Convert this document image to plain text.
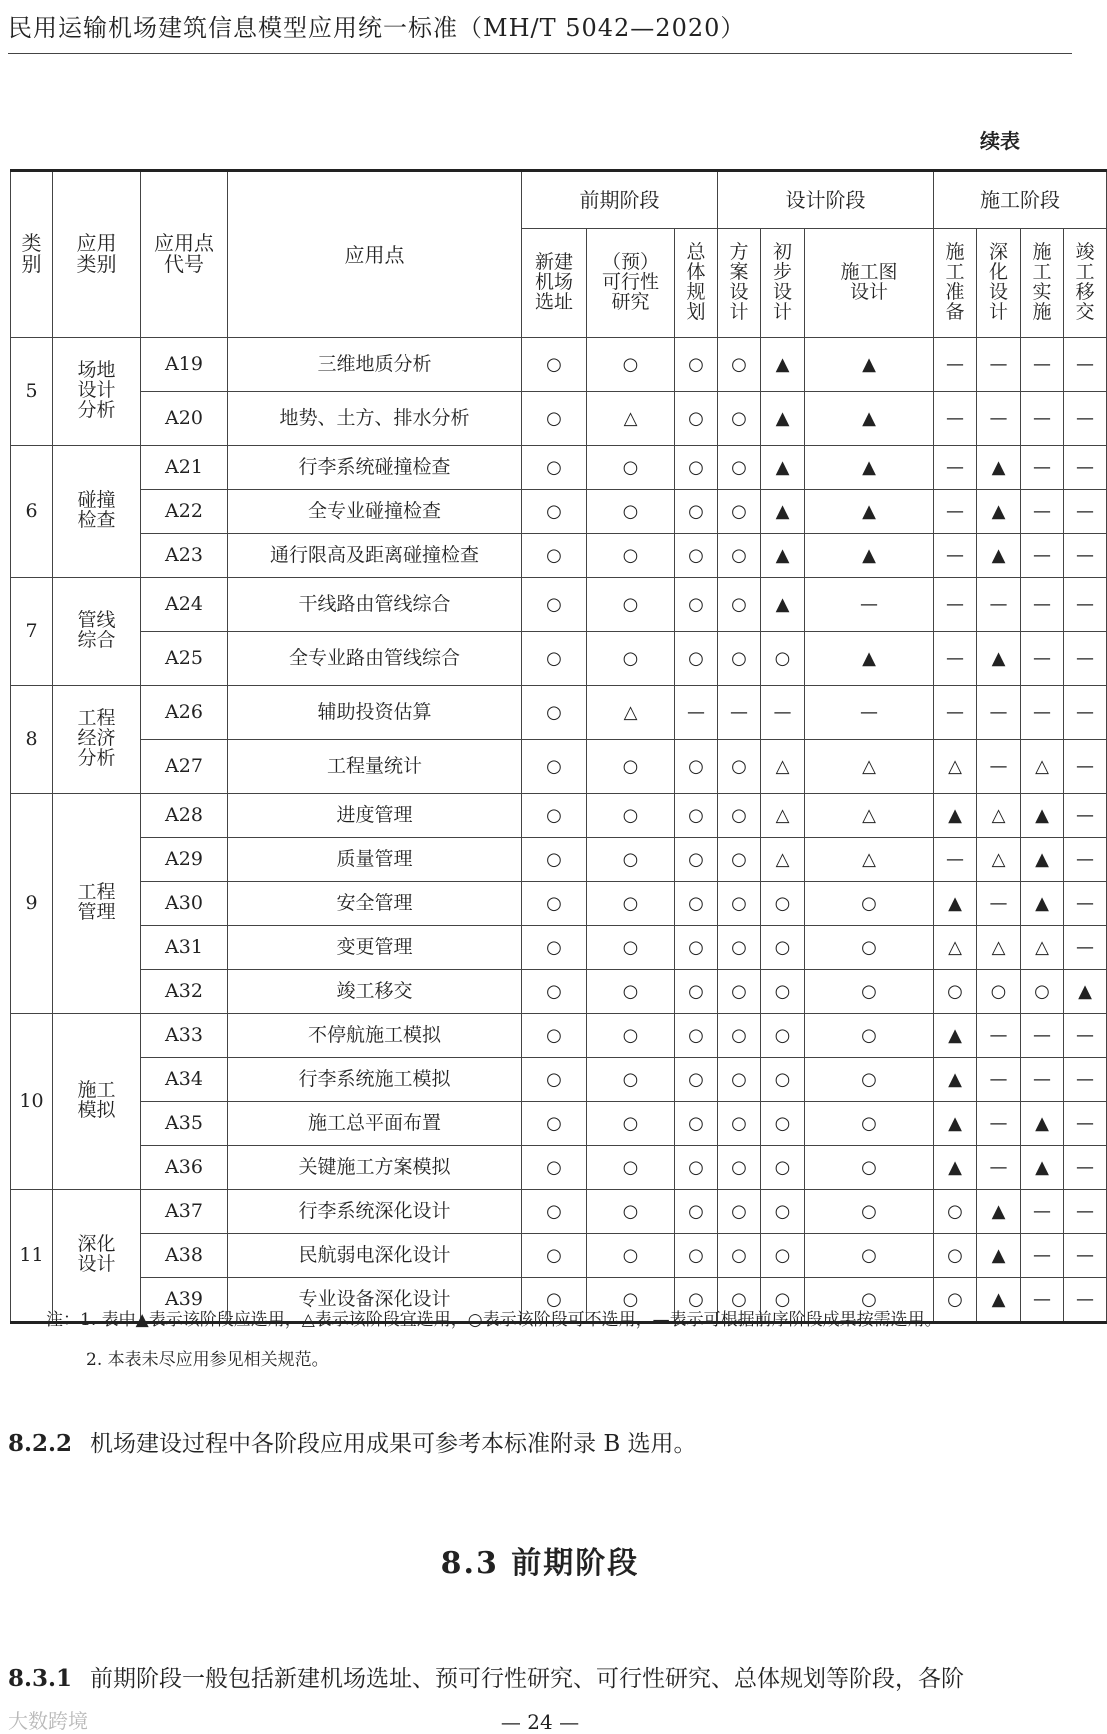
民用运输机场建筑信息模型应用统一标准（MH/T 5042—2020）
续表
类别	应用类别	应用点代号	应用点	前期阶段			设计阶段			施工阶段			
				新建机场选址	（预）可行性研究	总体规划	方案设计	初步设计	施工图设计	施工准备	深化设计	施工实施	竣工移交
5	场地设计分析	A19	三维地质分析	○	○	○	○	▲	▲	—	—	—	—
		A20	地势、土方、排水分析	○	△	○	○	▲	▲	—	—	—	—
6	碰撞检查	A21	行李系统碰撞检查	○	○	○	○	▲	▲	—	▲	—	—
		A22	全专业碰撞检查	○	○	○	○	▲	▲	—	▲	—	—
		A23	通行限高及距离碰撞检查	○	○	○	○	▲	▲	—	▲	—	—
7	管线综合	A24	干线路由管线综合	○	○	○	○	▲	—	—	—	—	—
		A25	全专业路由管线综合	○	○	○	○	○	▲	—	▲	—	—
8	工程经济分析	A26	辅助投资估算	○	△	—	—	—	—	—	—	—	—
		A27	工程量统计	○	○	○	○	△	△	△	—	△	—
9	工程管理	A28	进度管理	○	○	○	○	△	△	▲	△	▲	—
		A29	质量管理	○	○	○	○	△	△	—	△	▲	—
		A30	安全管理	○	○	○	○	○	○	▲	—	▲	—
		A31	变更管理	○	○	○	○	○	○	△	△	△	—
		A32	竣工移交	○	○	○	○	○	○	○	○	○	▲
10	施工模拟	A33	不停航施工模拟	○	○	○	○	○	○	▲	—	—	—
		A34	行李系统施工模拟	○	○	○	○	○	○	▲	—	—	—
		A35	施工总平面布置	○	○	○	○	○	○	▲	—	▲	—
		A36	关键施工方案模拟	○	○	○	○	○	○	▲	—	▲	—
11	深化设计	A37	行李系统深化设计	○	○	○	○	○	○	○	▲	—	—
		A38	民航弱电深化设计	○	○	○	○	○	○	○	▲	—	—
		A39	专业设备深化设计	○	○	○	○	○	○	○	▲	—	—
注：1. 表中▲表示该阶段应选用，△表示该阶段宜选用，○表示该阶段可不选用，—表示可根据前序阶段成果按需选用。
2. 本表未尽应用参见相关规范。
8.2.2 机场建设过程中各阶段应用成果可参考本标准附录 B 选用。
8.3 前期阶段
8.3.1 前期阶段一般包括新建机场选址、预可行性研究、可行性研究、总体规划等阶段，各阶
大数跨境	— 24 —
